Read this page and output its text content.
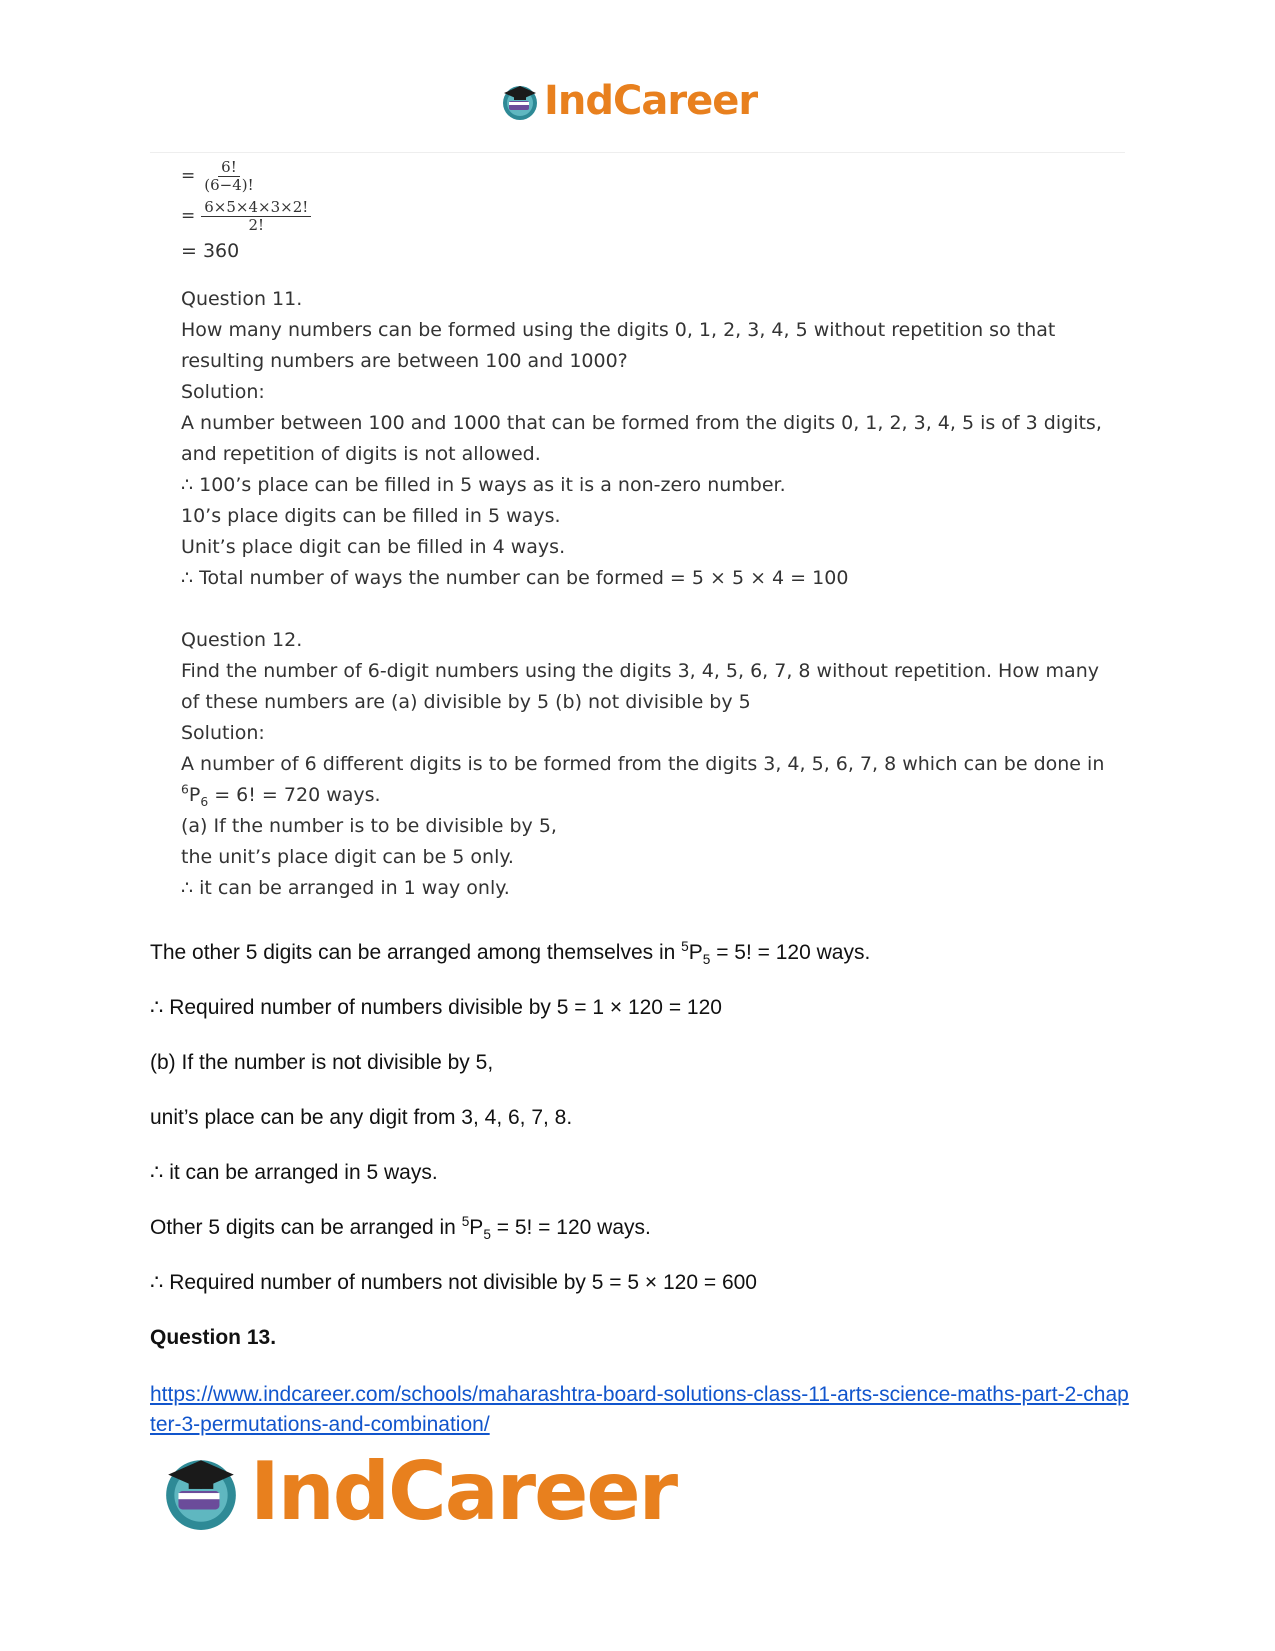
IndCareer
= $\frac{6!}{(6-4)!}$
= $\frac{6\times 5\times 4\times 3\times 2!}{2!}$
= 360
Question 11.
How many numbers can be formed using the digits 0, 1, 2, 3, 4, 5 without repetition so that
resulting numbers are between 100 and 1000?
Solution:
A number between 100 and 1000 that can be formed from the digits 0, 1, 2, 3, 4, 5 is of 3 digits,
and repetition of digits is not allowed.
∴ 100’s place can be filled in 5 ways as it is a non-zero number.
10’s place digits can be filled in 5 ways.
Unit’s place digit can be filled in 4 ways.
∴ Total number of ways the number can be formed = 5 × 5 × 4 = 100
Question 12.
Find the number of 6-digit numbers using the digits 3, 4, 5, 6, 7, 8 without repetition. How many
of these numbers are (a) divisible by 5 (b) not divisible by 5
Solution:
A number of 6 different digits is to be formed from the digits 3, 4, 5, 6, 7, 8 which can be done in
$^6P_6 = 6$! = 720 ways.
(a) If the number is to be divisible by 5,
the unit’s place digit can be 5 only.
∴ it can be arranged in 1 way only.
The other 5 digits can be arranged among themselves in $^5P_5 = 5$! = 120 ways.
∴ Required number of numbers divisible by 5 = 1 × 120 = 120
(b) If the number is not divisible by 5,
unit’s place can be any digit from 3, 4, 6, 7, 8.
∴ it can be arranged in 5 ways.
Other 5 digits can be arranged in $^5P_5 = 5$! = 120 ways.
∴ Required number of numbers not divisible by 5 = 5 × 120 = 600
Question 13.
https://www.indcareer.com/schools/maharashtra-board-solutions-class-11-arts-science-maths-part-2-chapter-3-permutations-and-combination/
IndCareer
